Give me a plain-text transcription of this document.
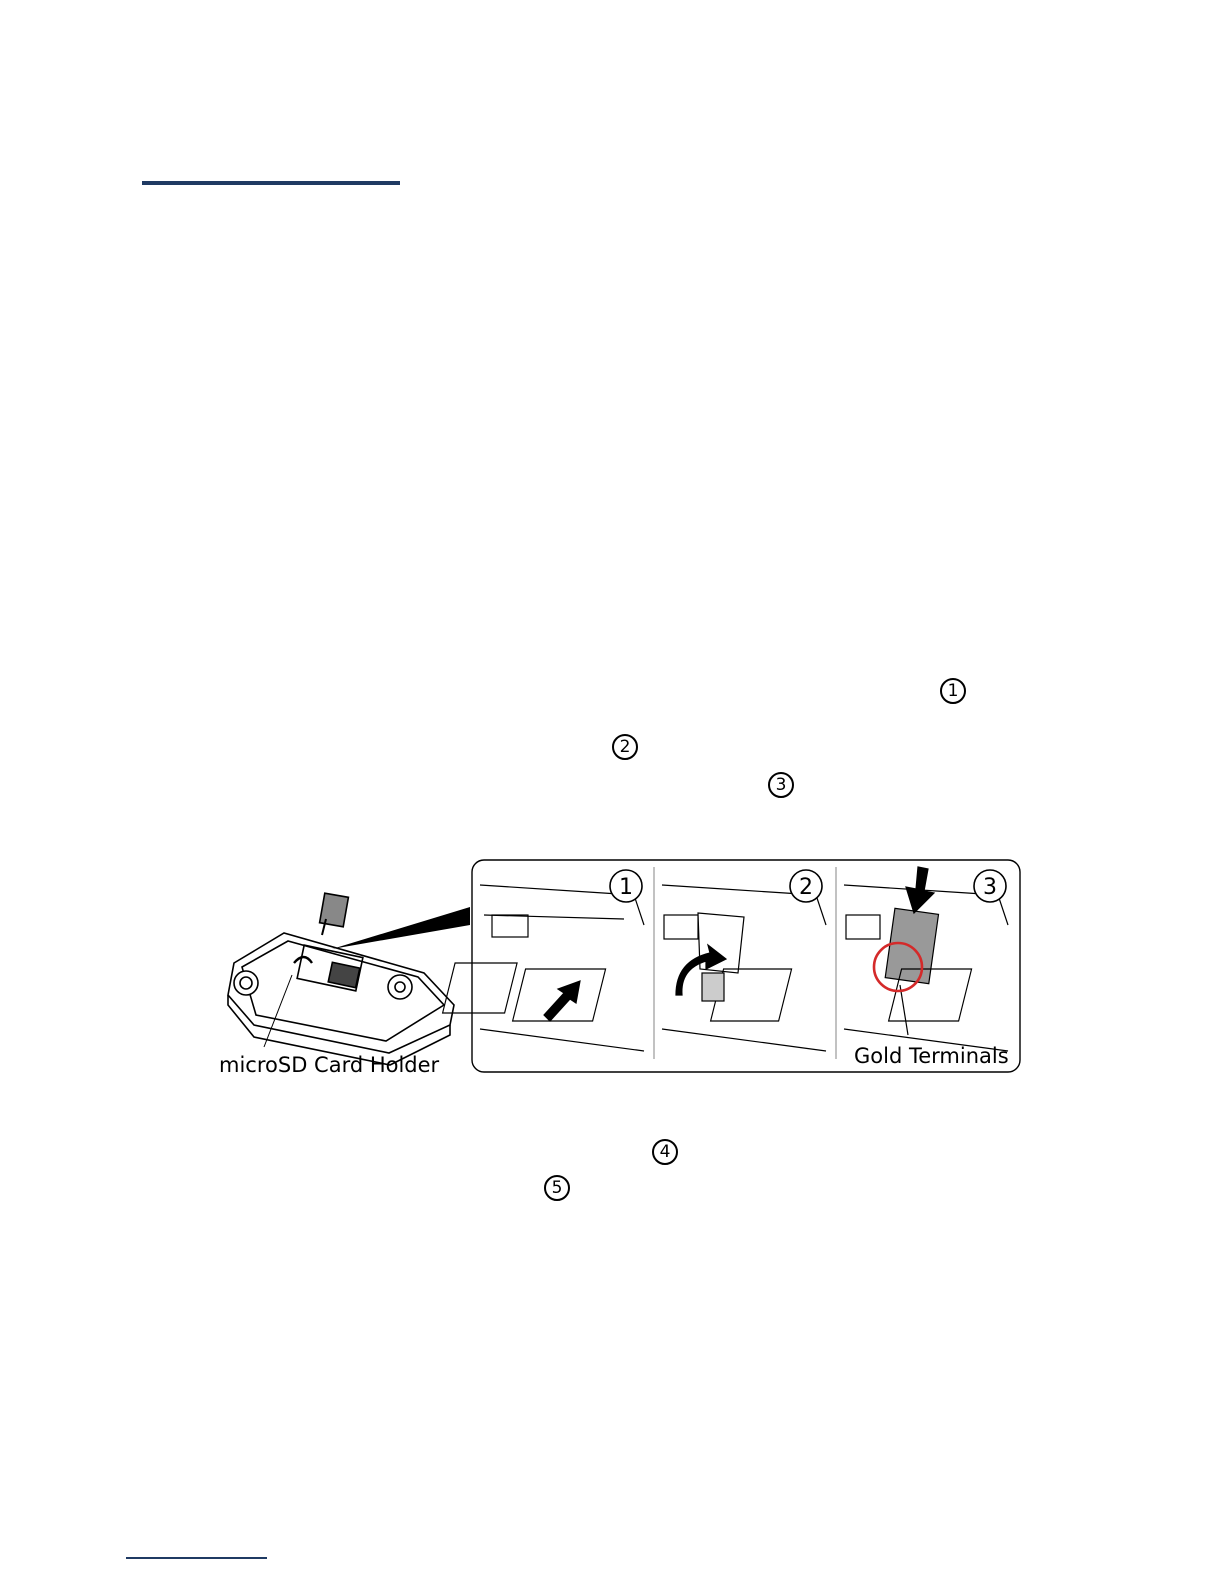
1
2
3
4
5
microSD Card Holder
1	2	3
Gold Terminals
